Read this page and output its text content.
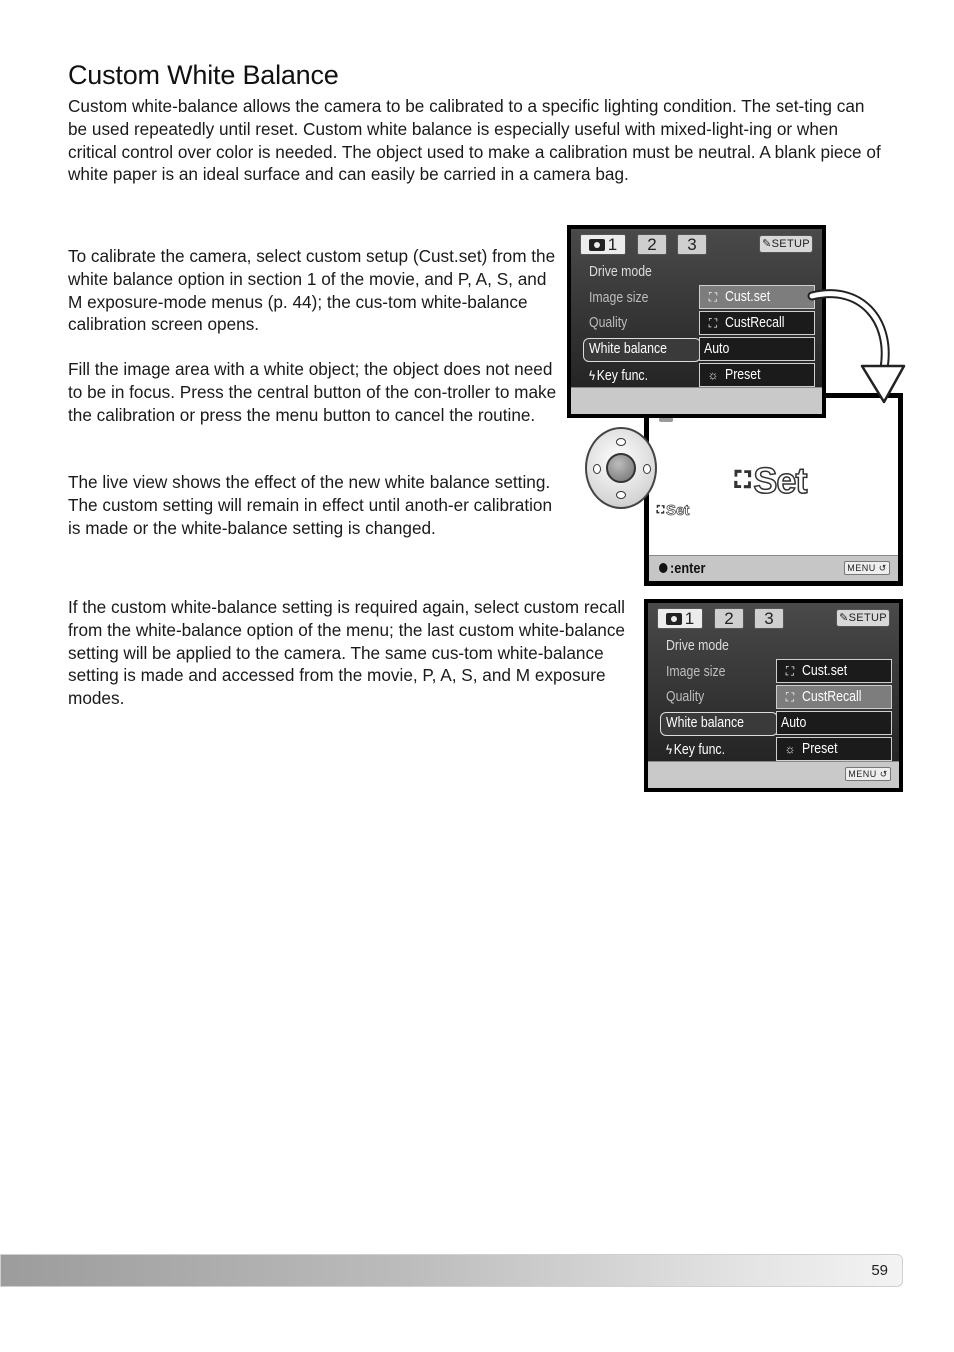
Custom White Balance

Custom white-balance allows the camera to be calibrated to a specific lighting condition. The set-ting can be used repeatedly until reset. Custom white balance is especially useful with mixed-light-ing or when critical control over color is needed. The object used to make a calibration must be neutral. A blank piece of white paper is an ideal surface and can easily be carried in a camera bag.

To calibrate the camera, select custom setup (Cust.set) from the white balance option in section 1 of the movie, and P, A, S, and M exposure-mode menus (p. 44); the cus-tom white-balance calibration screen opens.

Fill the image area with a white object; the object does not need to be in focus. Press the central button of the con-troller to make the calibration or press the menu button to cancel the routine.

The live view shows the effect of the new white balance setting. The custom setting will remain in effect until anoth-er calibration is made or the white-balance setting is changed.

If the custom white-balance setting is required again, select custom recall from the white-balance option of the menu; the last custom white-balance setting will be applied to the camera. The same cus-tom white-balance setting is made and accessed from the movie, P, A, S, and M exposure modes.

⛶ Set
⛶ Set
:enter	MENU ↺
1	2	3	✎SETUP
Drive mode
Image size
Quality
White balance
ϟ Key func.
⛶ Cust.set
⛶ CustRecall
Auto
☼ Preset
1	2	3	✎SETUP
Drive mode
Image size
Quality
White balance
ϟ Key func.
⛶ Cust.set
⛶ CustRecall
Auto
☼ Preset
MENU ↺
59
